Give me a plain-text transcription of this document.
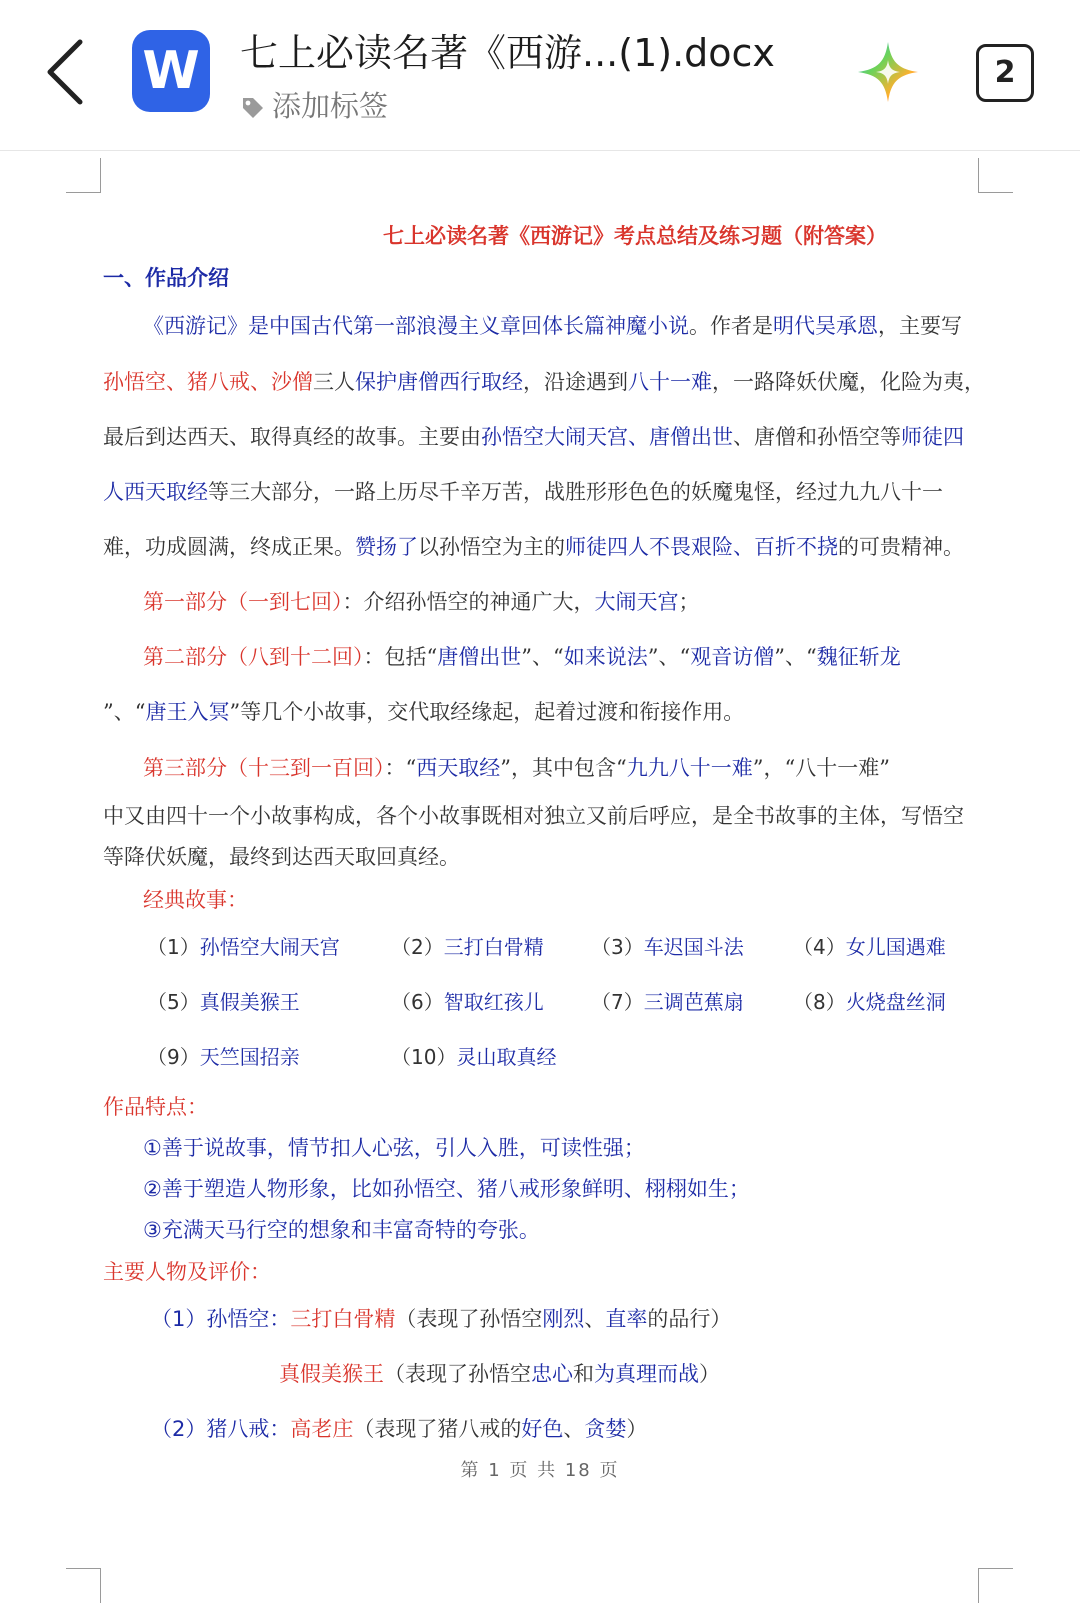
W 七上必读名著《西游...(1).docx
添加标签
2
七上必读名著《西游记》考点总结及练习题（附答案）
一、作品介绍
《西游记》是中国古代第一部浪漫主义章回体长篇神魔小说。作者是明代吴承恩，主要写
孙悟空、猪八戒、沙僧三人保护唐僧西行取经，沿途遇到八十一难，一路降妖伏魔，化险为夷，
最后到达西天、取得真经的故事。主要由孙悟空大闹天宫、唐僧出世、唐僧和孙悟空等师徒四
人西天取经等三大部分，一路上历尽千辛万苦，战胜形形色色的妖魔鬼怪，经过九九八十一
难，功成圆满，终成正果。赞扬了以孙悟空为主的师徒四人不畏艰险、百折不挠的可贵精神。
第一部分（一到七回）：介绍孙悟空的神通广大，大闹天宫；
第二部分（八到十二回）：包括“唐僧出世”、“如来说法”、“观音访僧”、“魏征斩龙
”、“唐王入冥”等几个小故事，交代取经缘起，起着过渡和衔接作用。
第三部分（十三到一百回）：“西天取经”，其中包含“九九八十一难”，“八十一难”
中又由四十一个小故事构成，各个小故事既相对独立又前后呼应，是全书故事的主体，写悟空
等降伏妖魔，最终到达西天取回真经。
经典故事：
（1）孙悟空大闹天宫	（2）三打白骨精 （3）车迟国斗法 （4）女儿国遇难
（5）真假美猴王	（6）智取红孩儿 （7）三调芭蕉扇 （8）火烧盘丝洞
（9）天竺国招亲	（10）灵山取真经
作品特点：
①善于说故事，情节扣人心弦，引人入胜，可读性强；
②善于塑造人物形象，比如孙悟空、猪八戒形象鲜明、栩栩如生；
③充满天马行空的想象和丰富奇特的夸张。
主要人物及评价：
（1）孙悟空：三打白骨精（表现了孙悟空刚烈、直率的品行）
真假美猴王（表现了孙悟空忠心和为真理而战）
（2）猪八戒：高老庄（表现了猪八戒的好色、贪婪）
第 1 页 共 18 页
